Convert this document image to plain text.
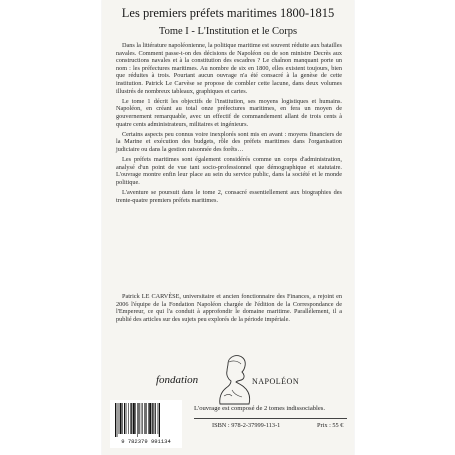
Les premiers préfets maritimes 1800-1815
Tome I - L'Institution et le Corps

Dans la littérature napoléonienne, la politique maritime est souvent réduite aux batailles navales. Comment passe-t-on des décisions de Napoléon ou de son ministre Decrès aux constructions navales et à la constitution des escadres ? Le chaînon manquant porte un nom : les préfectures maritimes. Au nombre de six en 1800, elles existent toujours, bien que réduites à trois. Pourtant aucun ouvrage n'a été consacré à la genèse de cette institution. Patrick Le Carvèse se propose de combler cette lacune, dans deux volumes illustrés de nombreux tableaux, graphiques et cartes.

Le tome 1 décrit les objectifs de l'institution, ses moyens logistiques et humains. Napoléon, en créant au total onze préfectures maritimes, en fera un moyen de gouvernement remarquable, avec un effectif de commandement allant de trois cents à quatre cents administrateurs, militaires et ingénieurs.

Certains aspects peu connus voire inexplorés sont mis en avant : moyens financiers de la Marine et exécution des budgets, rôle des préfets maritimes dans l'organisation judiciaire ou dans la gestion raisonnée des forêts…

Les préfets maritimes sont également considérés comme un corps d'administration, analysé d'un point de vue tant socio-professionnel que démographique et statutaire. L'ouvrage montre enfin leur place au sein du service public, dans la société et le monde politique.

L'aventure se poursuit dans le tome 2, consacré essentiellement aux biographies des trente-quatre premiers préfets maritimes.

Patrick LE CARVÈSE, universitaire et ancien fonctionnaire des Finances, a rejoint en 2006 l'équipe de la Fondation Napoléon chargée de l'édition de la Correspondance de l'Empereur, ce qui l'a conduit à approfondir le domaine maritime. Parallèlement, il a publié des articles sur des sujets peu explorés de la période impériale.

fondation	NAPOLÉON
9 782379 991134
L'ouvrage est composé de 2 tomes indissociables.
ISBN : 978-2-37999-113-1	Prix : 55 €
